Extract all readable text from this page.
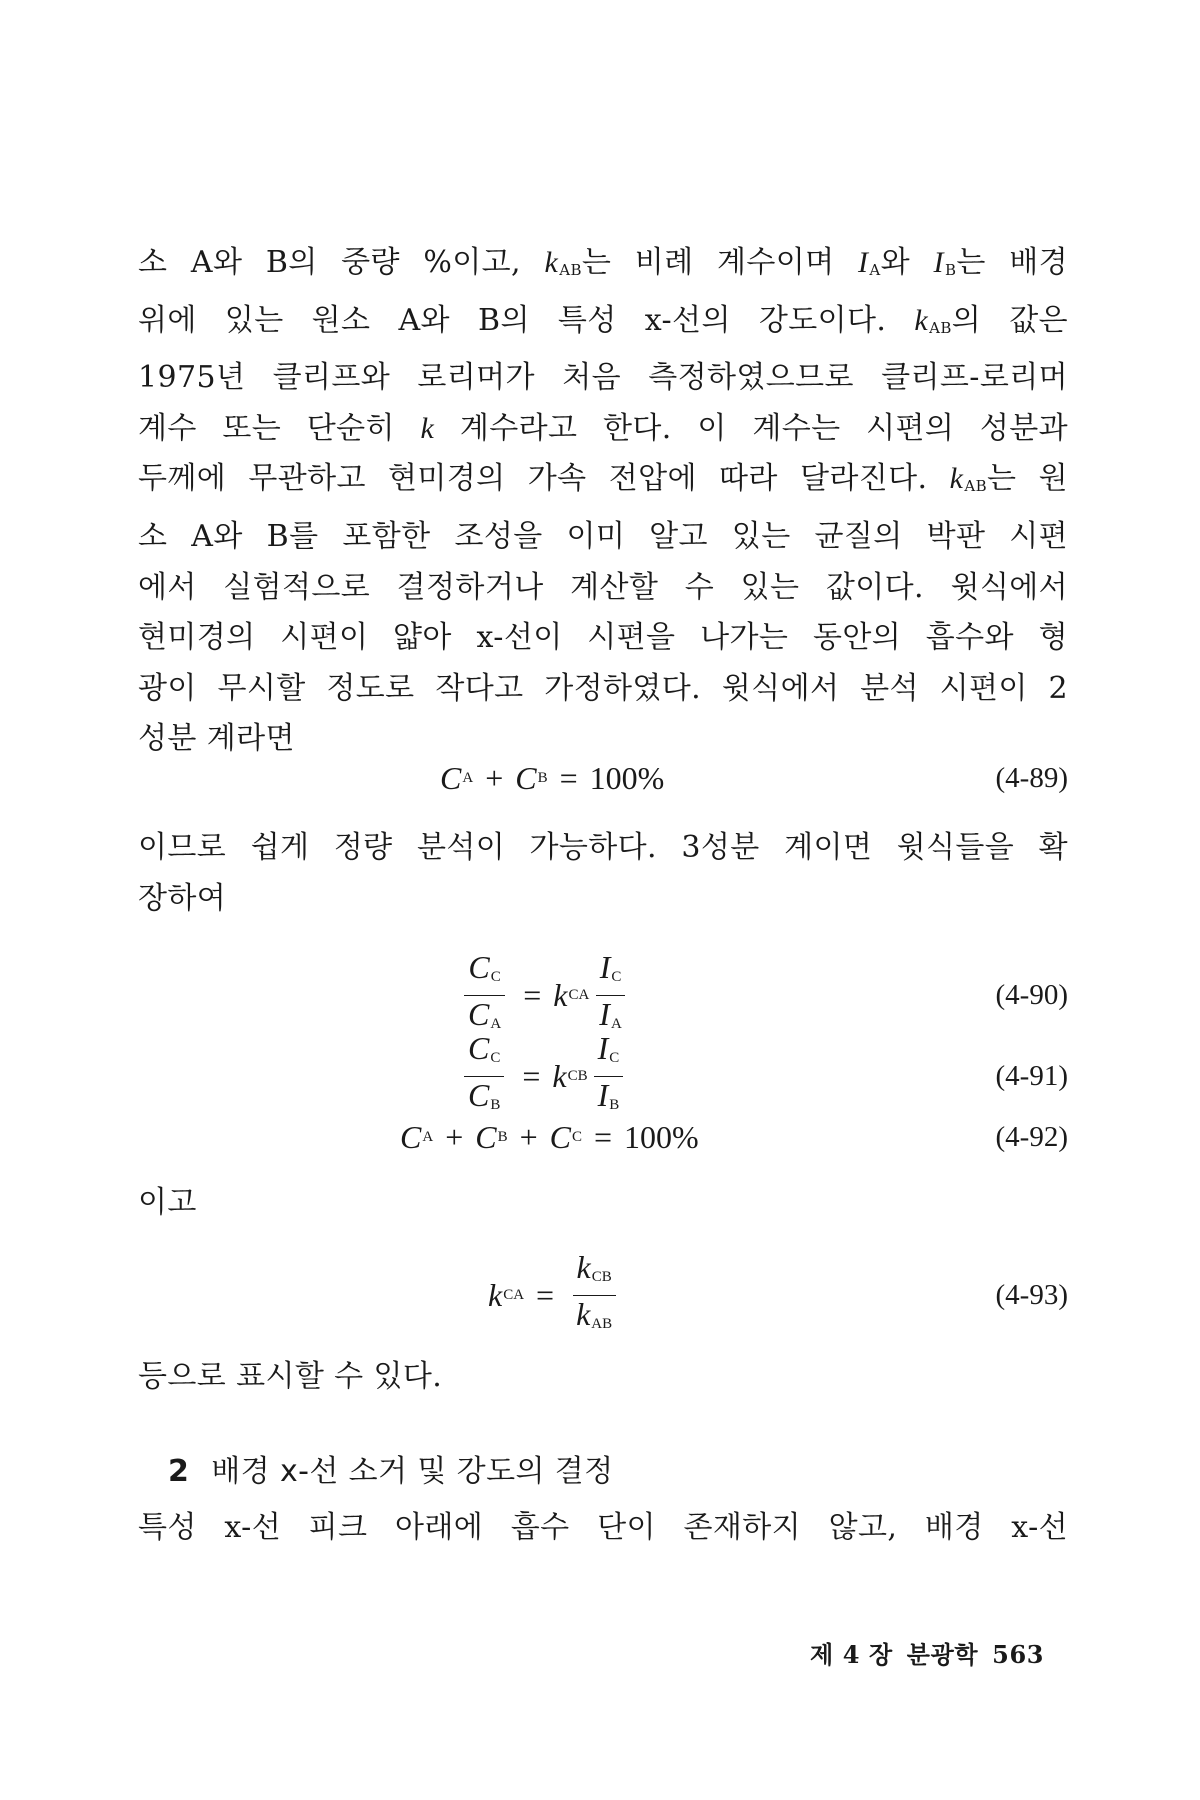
소 A와 B의 중량 %이고, $k_{AB}$는 비례 계수이며 $I_A$와 $I_B$는 배경
위에 있는 원소 A와 B의 특성 x-선의 강도이다. $k_{AB}$의 값은
1975년 클리프와 로리머가 처음 측정하였으므로 클리프-로리머
계수 또는 단순히 k 계수라고 한다. 이 계수는 시편의 성분과
두께에 무관하고 현미경의 가속 전압에 따라 달라진다. $k_{AB}$는 원
소 A와 B를 포함한 조성을 이미 알고 있는 균질의 박판 시편
에서 실험적으로 결정하거나 계산할 수 있는 값이다. 윗식에서
현미경의 시편이 얇아 x-선이 시편을 나가는 동안의 흡수와 형
광이 무시할 정도로 작다고 가정하였다. 윗식에서 분석 시편이 2
성분 계라면
C A + C B = 100%	(4-89)
이므로 쉽게 정량 분석이 가능하다. 3성분 계이면 윗식들을 확
장하여
$\frac{C_C}{C_A} = k$ CA $\frac{I_C}{I_A}$	(4-90)
$\frac{C_C}{C_B} = k$ CB $\frac{I_C}{I_B}$	(4-91)
C A + C B + C C = 100%	(4-92)
이고
k CA = $\frac{k_{CB}}{k_{AB}}$	(4-93)
등으로 표시할 수 있다.
2 배경 x-선 소거 및 강도의 결정
특성 x-선 피크 아래에 흡수 단이 존재하지 않고, 배경 x-선
제 4 장 분광학 563
